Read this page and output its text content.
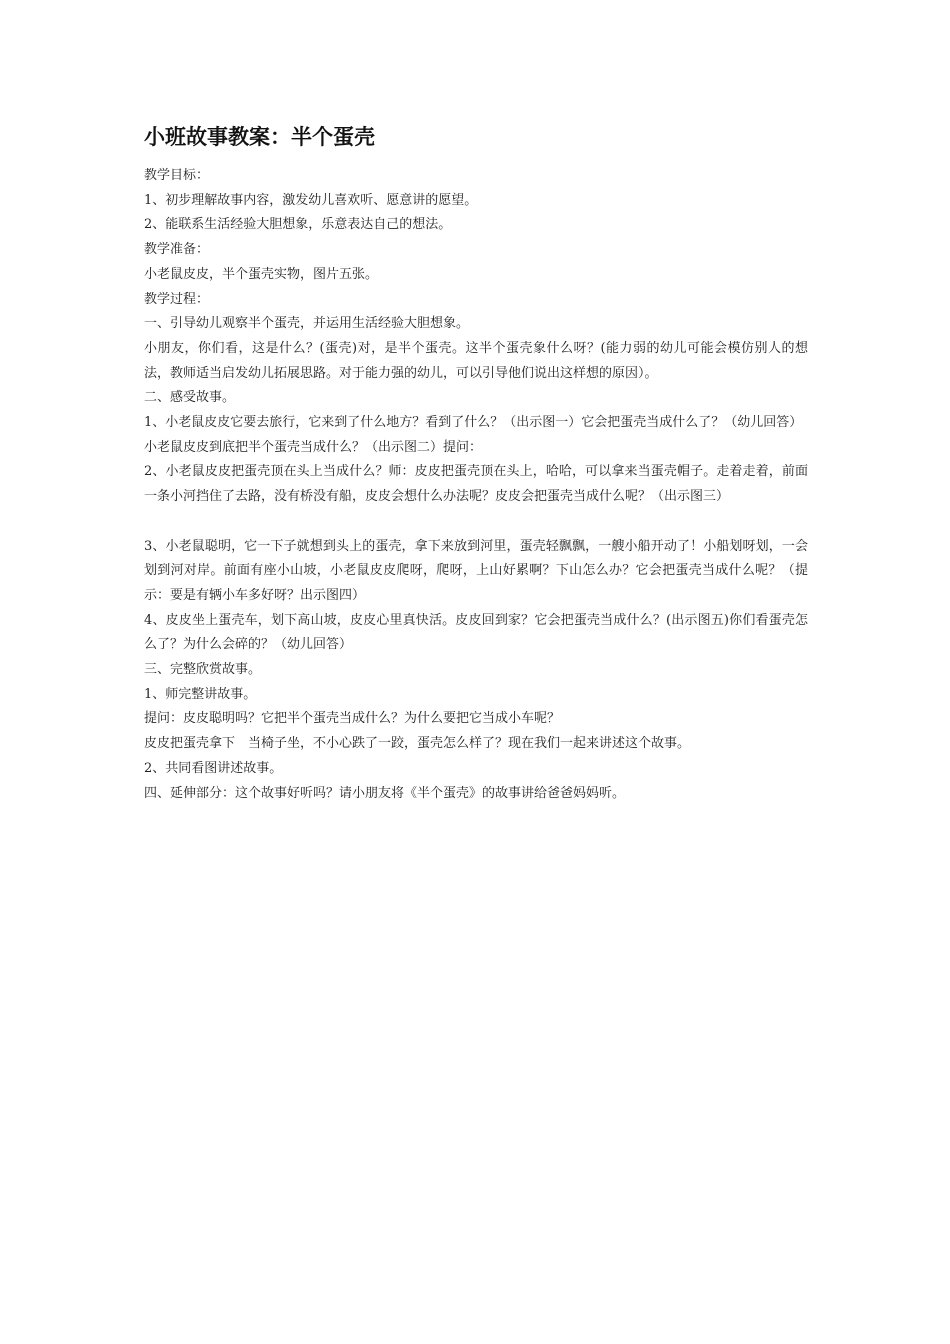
小班故事教案：半个蛋壳

教学目标：

1、初步理解故事内容，激发幼儿喜欢听、愿意讲的愿望。

2、能联系生活经验大胆想象，乐意表达自己的想法。

教学准备：

小老鼠皮皮，半个蛋壳实物，图片五张。

教学过程：

一、引导幼儿观察半个蛋壳，并运用生活经验大胆想象。

小朋友，你们看，这是什么？(蛋壳)对，是半个蛋壳。这半个蛋壳象什么呀？(能力弱的幼儿可能会模仿别人的想法，教师适当启发幼儿拓展思路。对于能力强的幼儿，可以引导他们说出这样想的原因）。

二、感受故事。

1、小老鼠皮皮它要去旅行，它来到了什么地方？看到了什么？（出示图一）它会把蛋壳当成什么了？（幼儿回答）

小老鼠皮皮到底把半个蛋壳当成什么？（出示图二）提问：

2、小老鼠皮皮把蛋壳顶在头上当成什么？师：皮皮把蛋壳顶在头上，哈哈，可以拿来当蛋壳帽子。走着走着，前面一条小河挡住了去路，没有桥没有船，皮皮会想什么办法呢？皮皮会把蛋壳当成什么呢？（出示图三）

3、小老鼠聪明，它一下子就想到头上的蛋壳，拿下来放到河里，蛋壳轻飘飘，一艘小船开动了！小船划呀划，一会划到河对岸。前面有座小山坡，小老鼠皮皮爬呀，爬呀，上山好累啊？下山怎么办？它会把蛋壳当成什么呢？（提示：要是有辆小车多好呀？出示图四）

4、皮皮坐上蛋壳车，划下高山坡，皮皮心里真快活。皮皮回到家？它会把蛋壳当成什么？(出示图五)你们看蛋壳怎么了？为什么会碎的？（幼儿回答）

三、完整欣赏故事。

1、师完整讲故事。

提问：皮皮聪明吗？它把半个蛋壳当成什么？为什么要把它当成小车呢？

皮皮把蛋壳拿下　当椅子坐，不小心跌了一跤，蛋壳怎么样了？现在我们一起来讲述这个故事。

2、共同看图讲述故事。

四、延伸部分：这个故事好听吗？请小朋友将《半个蛋壳》的故事讲给爸爸妈妈听。
